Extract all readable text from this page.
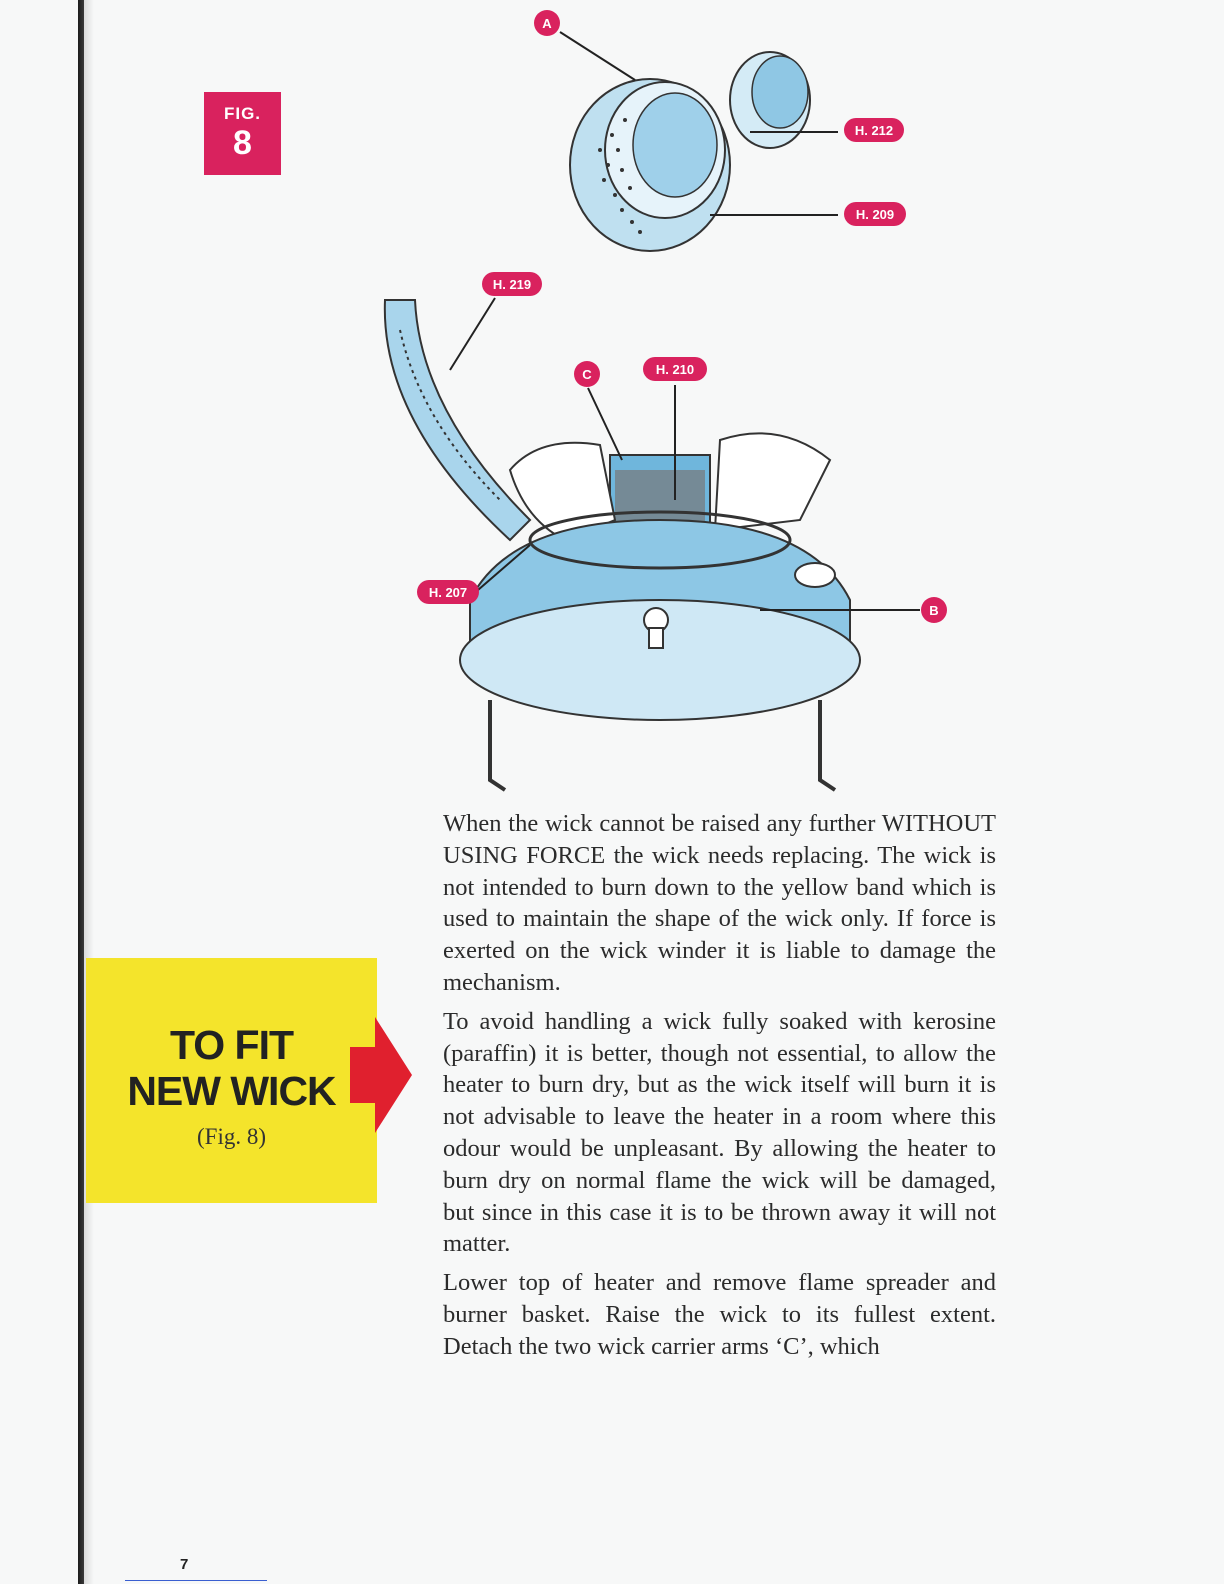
FIG.
8
A
H. 212
H. 209
H. 219
C	H. 210
H. 207
B
TO FIT
NEW WICK
(Fig. 8)

When the wick cannot be raised any further WITHOUT USING FORCE the wick needs replacing. The wick is not intended to burn down to the yellow band which is used to maintain the shape of the wick only. If force is exerted on the wick winder it is liable to damage the mechanism.

To avoid handling a wick fully soaked with kerosine (paraffin) it is better, though not essential, to allow the heater to burn dry, but as the wick itself will burn it is not advisable to leave the heater in a room where this odour would be unpleasant. By allowing the heater to burn dry on normal flame the wick will be damaged, but since in this case it is to be thrown away it will not matter.

Lower top of heater and remove flame spreader and burner basket. Raise the wick to its fullest extent. Detach the two wick carrier arms ‘C’, which

7
